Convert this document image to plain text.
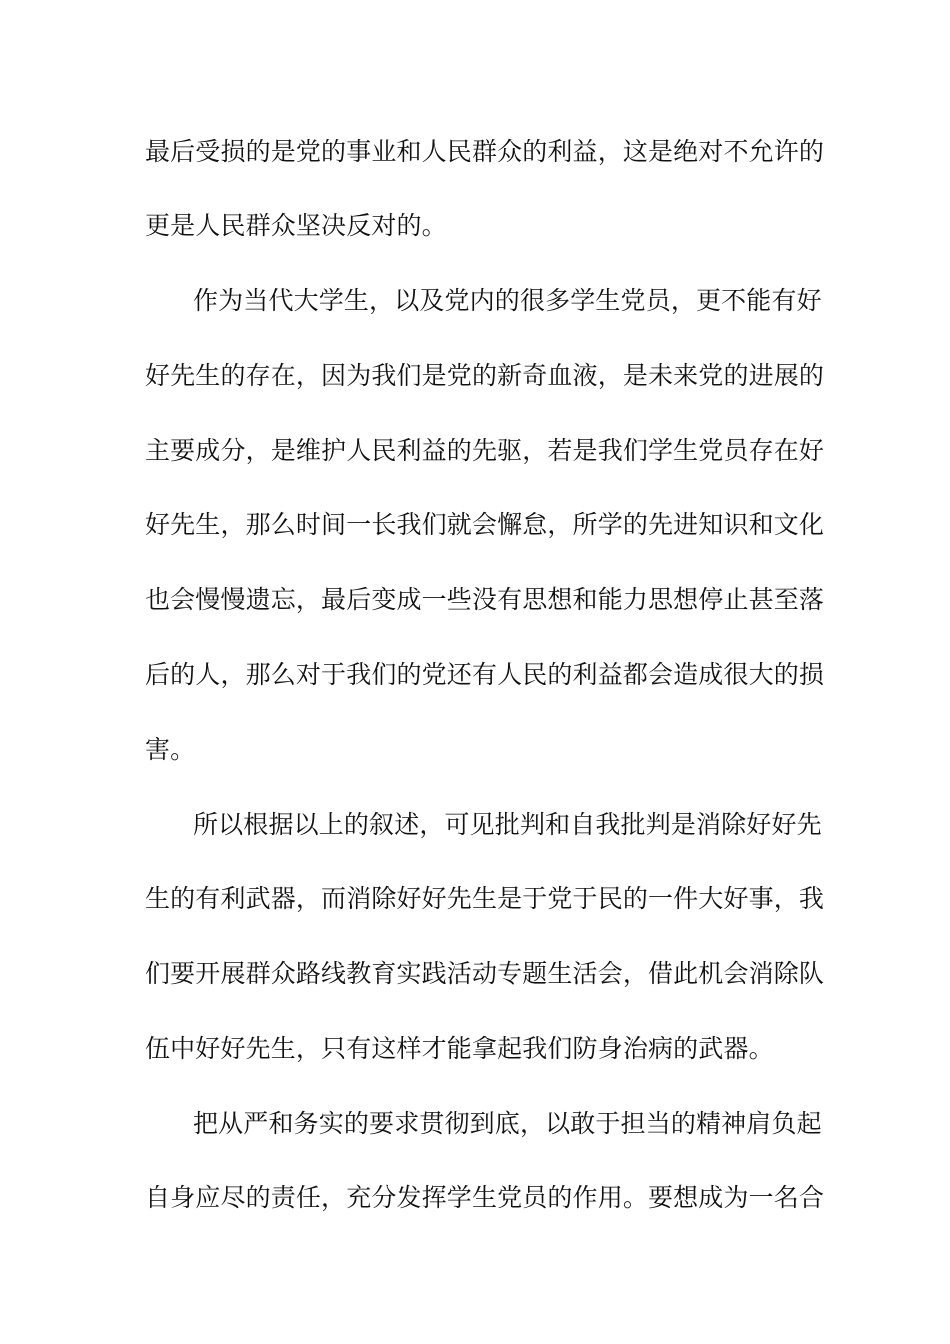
最后受损的是党的事业和人民群众的利益，这是绝对不允许的
更是人民群众坚决反对的。
作为当代大学生，以及党内的很多学生党员，更不能有好
好先生的存在，因为我们是党的新奇血液，是未来党的进展的
主要成分，是维护人民利益的先驱，若是我们学生党员存在好
好先生，那么时间一长我们就会懈怠，所学的先进知识和文化
也会慢慢遗忘，最后变成一些没有思想和能力思想停止甚至落
后的人，那么对于我们的党还有人民的利益都会造成很大的损
害。
所以根据以上的叙述，可见批判和自我批判是消除好好先
生的有利武器，而消除好好先生是于党于民的一件大好事，我
们要开展群众路线教育实践活动专题生活会，借此机会消除队
伍中好好先生，只有这样才能拿起我们防身治病的武器。
把从严和务实的要求贯彻到底，以敢于担当的精神肩负起
自身应尽的责任，充分发挥学生党员的作用。要想成为一名合
